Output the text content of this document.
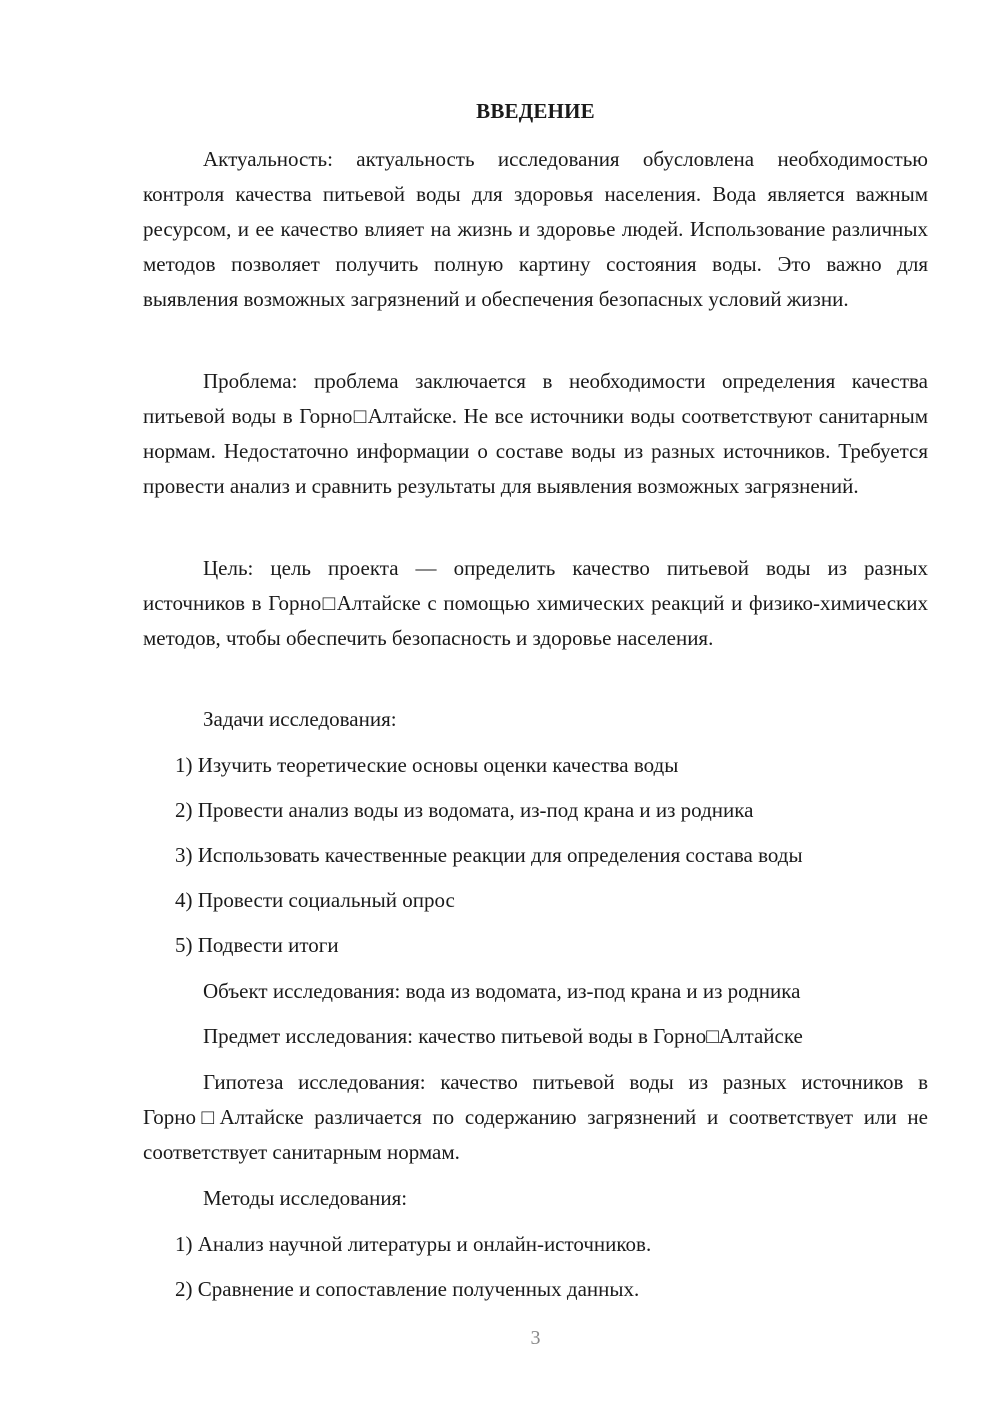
ВВЕДЕНИЕ

Актуальность: актуальность исследования обусловлена необходимостью контроля качества питьевой воды для здоровья населения. Вода является важным ресурсом, и ее качество влияет на жизнь и здоровье людей. Использование различных методов позволяет получить полную картину состояния воды. Это важно для выявления возможных загрязнений и обеспечения безопасных условий жизни.

Проблема: проблема заключается в необходимости определения качества питьевой воды в Горно□Алтайске. Не все источники воды соответствуют санитарным нормам. Недостаточно информации о составе воды из разных источников. Требуется провести анализ и сравнить результаты для выявления возможных загрязнений.

Цель: цель проекта — определить качество питьевой воды из разных источников в Горно□Алтайске с помощью химических реакций и физико-химических методов, чтобы обеспечить безопасность и здоровье населения.

Задачи исследования:
1) Изучить теоретические основы оценки качества воды
2) Провести анализ воды из водомата, из-под крана и из родника
3) Использовать качественные реакции для определения состава воды
4) Провести социальный опрос
5) Подвести итоги
Объект исследования: вода из водомата, из-под крана и из родника
Предмет исследования: качество питьевой воды в Горно□Алтайске

Гипотеза исследования: качество питьевой воды из разных источников в Горно□Алтайске различается по содержанию загрязнений и соответствует или не соответствует санитарным нормам.

Методы исследования:
1) Анализ научной литературы и онлайн-источников.
2) Сравнение и сопоставление полученных данных.
3
